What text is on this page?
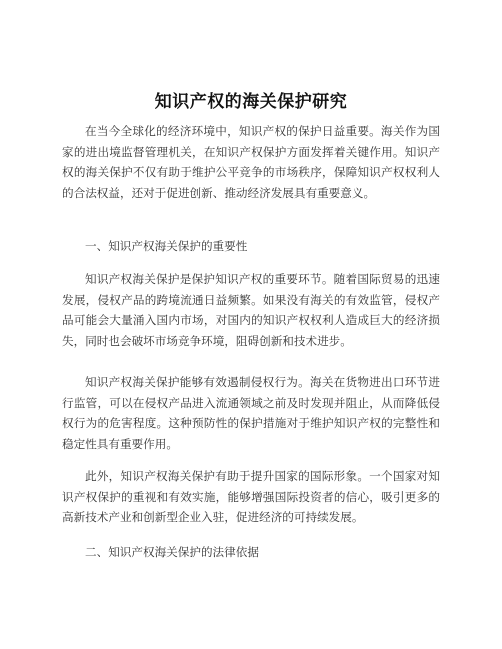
知识产权的海关保护研究

在当今全球化的经济环境中，知识产权的保护日益重要。海关作为国家的进出境监督管理机关，在知识产权保护方面发挥着关键作用。知识产权的海关保护不仅有助于维护公平竞争的市场秩序，保障知识产权权利人的合法权益，还对于促进创新、推动经济发展具有重要意义。

一、知识产权海关保护的重要性

知识产权海关保护是保护知识产权的重要环节。随着国际贸易的迅速发展，侵权产品的跨境流通日益频繁。如果没有海关的有效监管，侵权产品可能会大量涌入国内市场，对国内的知识产权权利人造成巨大的经济损失，同时也会破坏市场竞争环境，阻碍创新和技术进步。

知识产权海关保护能够有效遏制侵权行为。海关在货物进出口环节进行监管，可以在侵权产品进入流通领域之前及时发现并阻止，从而降低侵权行为的危害程度。这种预防性的保护措施对于维护知识产权的完整性和稳定性具有重要作用。

此外，知识产权海关保护有助于提升国家的国际形象。一个国家对知识产权保护的重视和有效实施，能够增强国际投资者的信心，吸引更多的高新技术产业和创新型企业入驻，促进经济的可持续发展。

二、知识产权海关保护的法律依据
